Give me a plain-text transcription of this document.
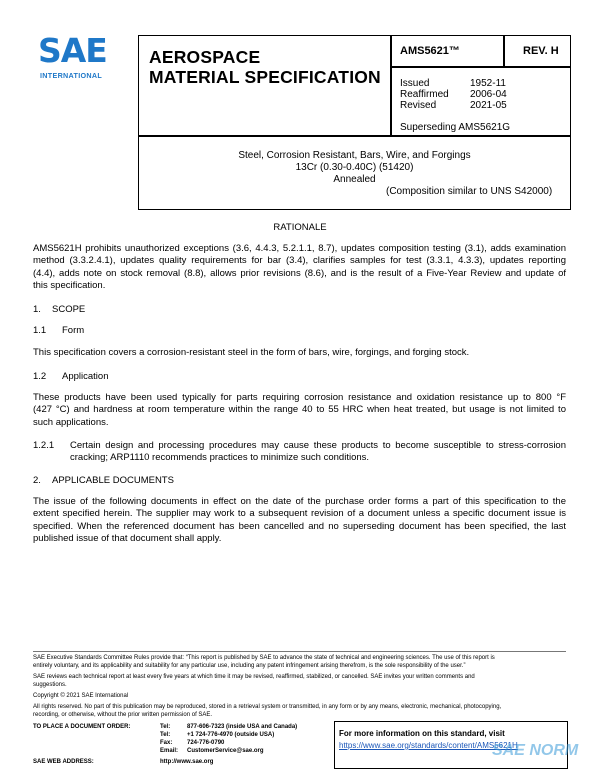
SAE
INTERNATIONAL
AEROSPACE
MATERIAL SPECIFICATION
AMS5621™	REV. H
Issued	1952-11
Reaffirmed 2006-04
Revised	2021-05
Superseding AMS5621G
Steel, Corrosion Resistant, Bars, Wire, and Forgings
13Cr (0.30-0.40C) (51420)
Annealed
(Composition similar to UNS S42000)
RATIONALE
AMS5621H prohibits unauthorized exceptions (3.6, 4.4.3, 5.2.1.1, 8.7), updates composition testing (3.1), adds examination
method (3.3.2.4.1), updates quality requirements for bar (3.4), clarifies samples for test (3.3.1, 4.3.3), updates reporting
(4.4), adds note on stock removal (8.8), allows prior revisions (8.6), and is the result of a Five-Year Review and update of
this specification.
1. SCOPE
1.1 Form
This specification covers a corrosion-resistant steel in the form of bars, wire, forgings, and forging stock.
1.2 Application
These products have been used typically for parts requiring corrosion resistance and oxidation resistance up to 800 °F
(427 °C) and hardness at room temperature within the range 40 to 55 HRC when heat treated, but usage is not limited to
such applications.
1.2.1 Certain design and processing procedures may cause these products to become susceptible to stress-corrosion
cracking; ARP1110 recommends practices to minimize such conditions.
2. APPLICABLE DOCUMENTS
The issue of the following documents in effect on the date of the purchase order forms a part of this specification to the
extent specified herein. The supplier may work to a subsequent revision of a document unless a specific document issue is
specified. When the referenced document has been cancelled and no superseding document has been specified, the last
published issue of that document shall apply.
SAE Executive Standards Committee Rules provide that: “This report is published by SAE to advance the state of technical and engineering sciences. The use of this report is
entirely voluntary, and its applicability and suitability for any particular use, including any patent infringement arising therefrom, is the sole responsibility of the user.”
SAE reviews each technical report at least every five years at which time it may be revised, reaffirmed, stabilized, or cancelled. SAE invites your written comments and
suggestions.
Copyright © 2021 SAE International
All rights reserved. No part of this publication may be reproduced, stored in a retrieval system or transmitted, in any form or by any means, electronic, mechanical, photocopying,
recording, or otherwise, without the prior written permission of SAE.
TO PLACE A DOCUMENT ORDER:	Tel:	877-606-7323 (inside USA and Canada)
Tel:	+1 724-776-4970 (outside USA)
Fax: 724-776-0790
Email: CustomerService@sae.org
SAE WEB ADDRESS:	http://www.sae.org
For more information on this standard, visit
https://www.sae.org/standards/content/AMS5621H
SAE NORM
